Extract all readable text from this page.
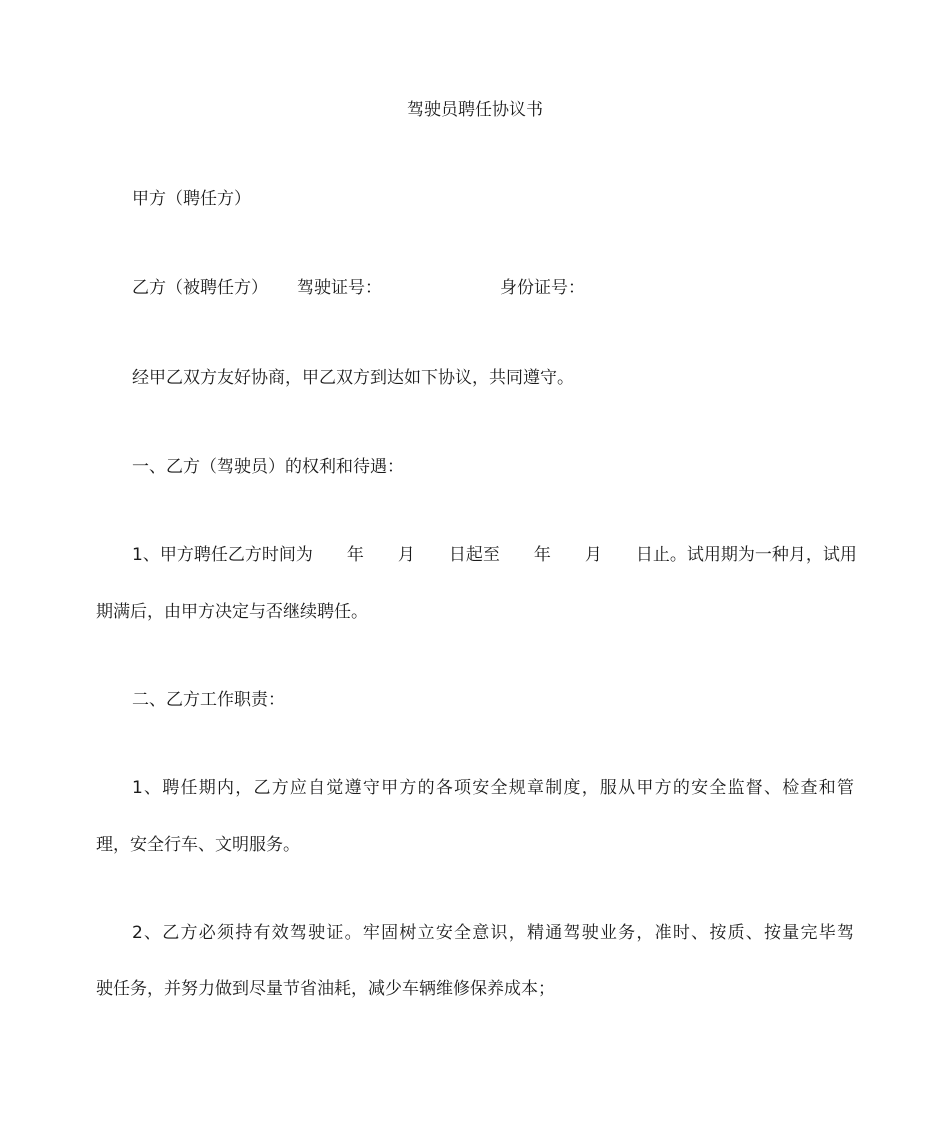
驾驶员聘任协议书
甲方（聘任方）
乙方（被聘任方） 驾驶证号：	身份证号：
经甲乙双方友好协商，甲乙双方到达如下协议，共同遵守。
一、乙方（驾驶员）的权利和待遇：
1、甲方聘任乙方时间为　　年　　月　　日起至　　年　　月　　日止。试用期为一种月，试用
期满后，由甲方决定与否继续聘任。
二、乙方工作职责：
1、聘任期内，乙方应自觉遵守甲方的各项安全规章制度，服从甲方的安全监督、检查和管
理，安全行车、文明服务。
2、乙方必须持有效驾驶证。牢固树立安全意识，精通驾驶业务，准时、按质、按量完毕驾
驶任务，并努力做到尽量节省油耗，减少车辆维修保养成本；
